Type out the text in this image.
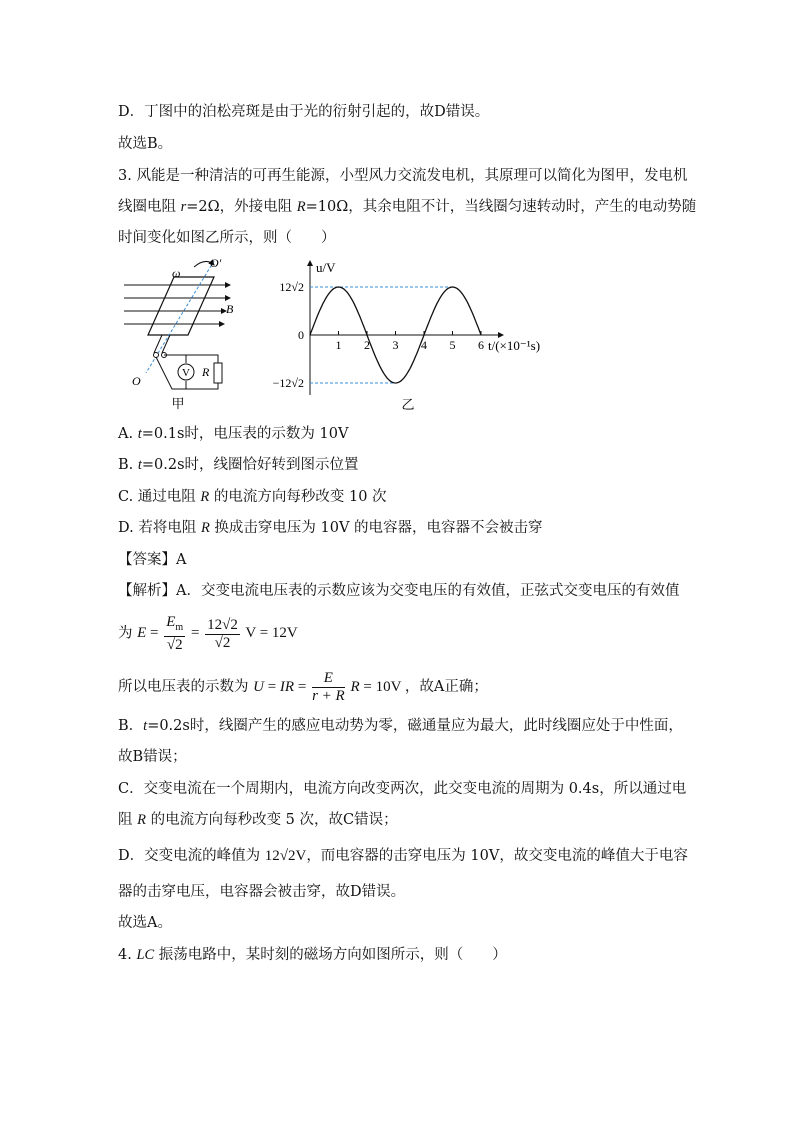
D．丁图中的泊松亮斑是由于光的衍射引起的，故D错误。
故选B。
3. 风能是一种清洁的可再生能源，小型风力交流发电机，其原理可以简化为图甲，发电机
线圈电阻 r=2Ω，外接电阻 R=10Ω，其余电阻不计，当线圈匀速转动时，产生的电动势随
时间变化如图乙所示，则（　　）
V R
ω
O′
O
B
甲
1 2 3 4 5 6
12√2
0
−12√2
u/V
t/(×10⁻¹s)
乙
A. t=0.1s时，电压表的示数为 10V
B. t=0.2s时，线圈恰好转到图示位置
C. 通过电阻 R 的电流方向每秒改变 10 次
D. 若将电阻 R 换成击穿电压为 10V 的电容器，电容器不会被击穿
【答案】A
【解析】A．交变电流电压表的示数应该为交变电压的有效值，正弦式交变电压的有效值
为 $E = \frac{E_m}{√2} = \frac{12√2}{√2}$ V = 12V
所以电压表的示数为 U = IR = $\frac{E}{r + R}$ R = 10V ，故A正确；
B．t=0.2s时，线圈产生的感应电动势为零，磁通量应为最大，此时线圈应处于中性面，
故B错误；
C．交变电流在一个周期内，电流方向改变两次，此交变电流的周期为 0.4s，所以通过电
阻 R 的电流方向每秒改变 5 次，故C错误；
D．交变电流的峰值为 12√2V，而电容器的击穿电压为 10V，故交变电流的峰值大于电容
器的击穿电压，电容器会被击穿，故D错误。
故选A。
4. LC 振荡电路中，某时刻的磁场方向如图所示，则（　　）
